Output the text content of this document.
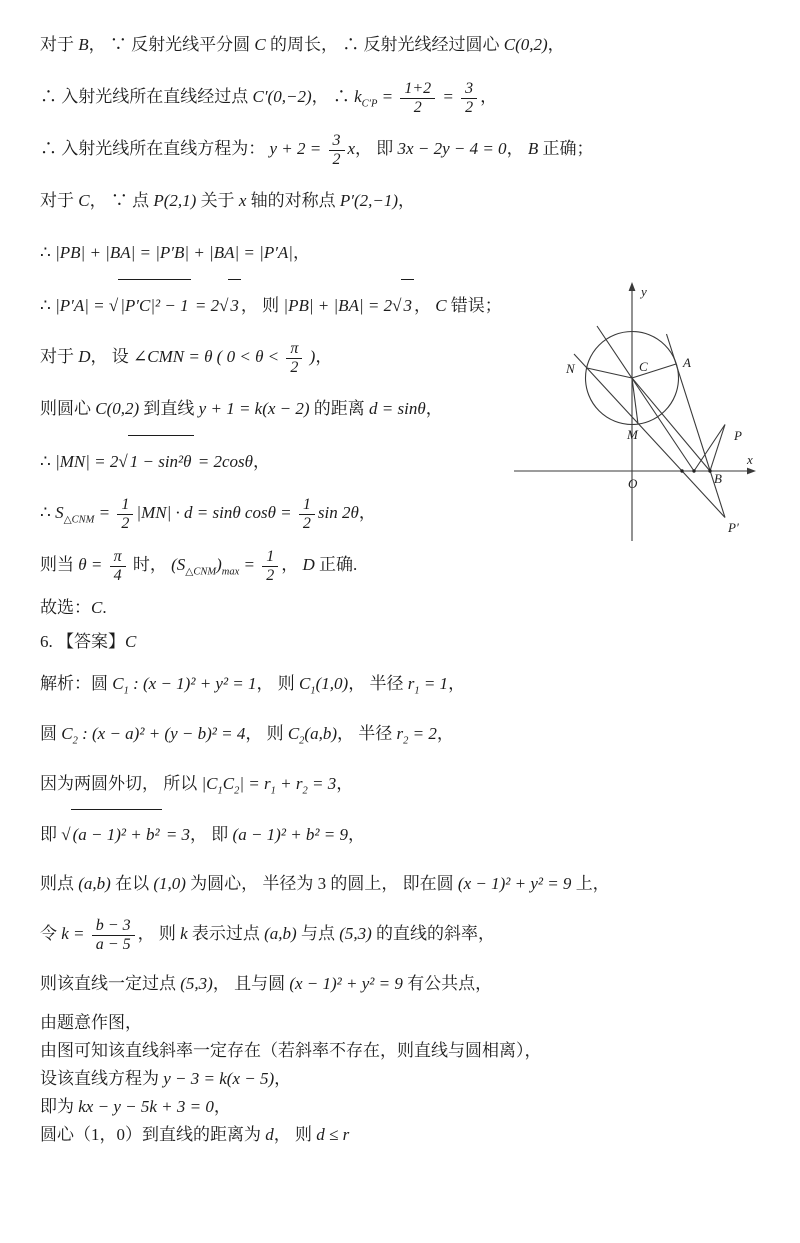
对于 B， ∵ 反射光线平分圆 C 的周长， ∴ 反射光线经过圆心 C(0,2)，
∴ 入射光线所在直线经过点 C′(0,−2)， ∴ $k_{C'P} = \frac{1+2}{2} = \frac{3}{2}$ ，
∴ 入射光线所在直线方程为： $y + 2 = \frac{3}{2}$ x， 即 3x − 2y − 4 = 0， B 正确；
对于 C， ∵ 点 P(2,1) 关于 x 轴的对称点 P′(2,−1)，
∴ |PB| + |BA| = |P′B| + |BA| = |P′A|，
∴ |P′A| = √ |P′C|² − 1 = 2√ 3 ， 则 |PB| + |BA| = 2√ 3 ， C 错误；
对于 D， 设 ∠CMN = θ ( $0 < \theta < \frac{\pi}{2}$ )，
则圆心 C(0,2) 到直线 y + 1 = k(x − 2) 的距离 d = sinθ，
∴ |MN| = 2√ 1 − sin²θ = 2cosθ，
∴ $S_{\triangle CNM} = \frac{1}{2} |MN| \cdot d = \sin\theta$ $\cos\theta = \frac{1}{2}$ sin 2θ，
则当 $\theta = \frac{\pi}{4}$ 时， $(S_{\triangle CNM})_{max} = \frac{1}{2}$ ， D 正确.
故选：C.
6. 【答案】C
解析：圆 $C_1$ : (x − 1)² + y² = 1， 则 $C_1(1,0)$， 半径 $r_1 = 1$，
圆 $C_2$ : (x − a)² + (y − b)² = 4， 则 $C_2(a,b)$， 半径 $r_2 = 2$，
因为两圆外切， 所以 $|C_1C_2| = r_1 + r_2 = 3$，
即 √ (a − 1)² + b² = 3， 即 (a − 1)² + b² = 9，
则点 (a,b) 在以 (1,0) 为圆心， 半径为 3 的圆上， 即在圆 (x − 1)² + y² = 9 上，
令 $k = \frac{b - 3}{a - 5}$ ， 则 k 表示过点 (a,b) 与点 (5,3) 的直线的斜率，
则该直线一定过点 (5,3)， 且与圆 (x − 1)² + y² = 9 有公共点，
由题意作图，
由图可知该直线斜率一定存在（若斜率不存在，则直线与圆相离），
设该直线方程为 y − 3 = k(x − 5)，
即为 kx − y − 5k + 3 = 0，
圆心（1，0）到直线的距离为 d， 则 d ≤ r
y
x
O
C	A
N
M
B
P
P′
